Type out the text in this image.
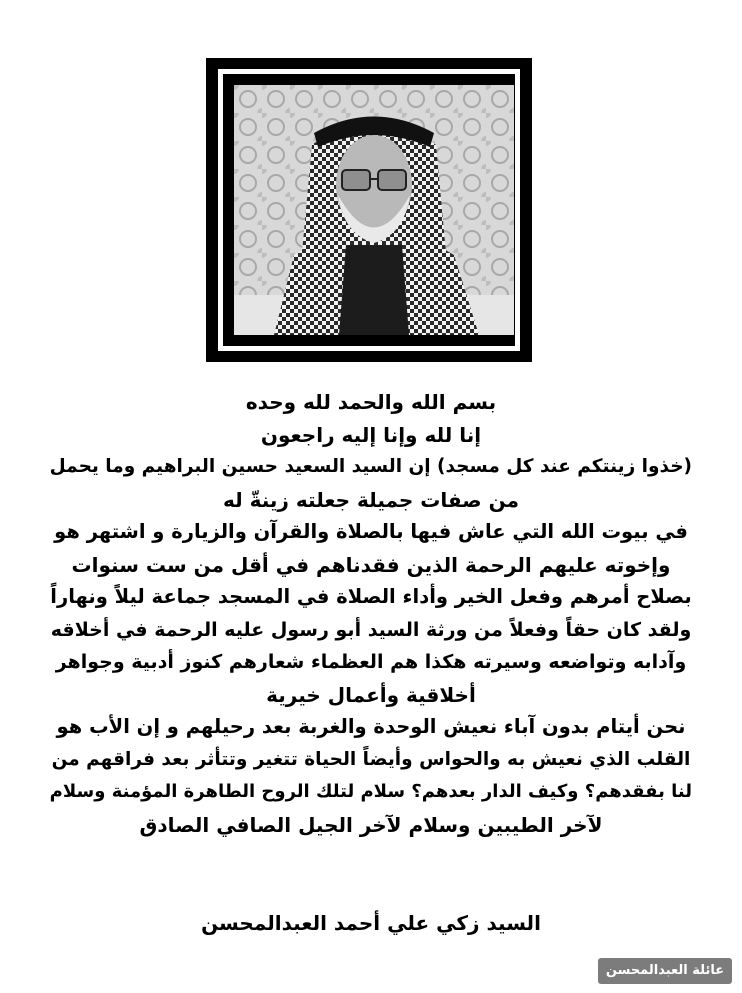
بسم الله والحمد لله وحده
إنا لله وإنا إليه راجعون
(خذوا زينتكم عند كل مسجد) إن السيد السعيد حسين البراهيم وما يحمل
من صفات جميلة جعلته زينةّ له
في بيوت الله التي عاش فيها بالصلاة والقرآن والزيارة و اشتهر هو
وإخوته عليهم الرحمة الذين فقدناهم في أقل من ست سنوات
بصلاح أمرهم وفعل الخير وأداء الصلاة في المسجد جماعة ليلاً ونهاراً
ولقد كان حقاً وفعلاً من ورثة السيد أبو رسول عليه الرحمة في أخلاقه
وآدابه وتواضعه وسيرته هكذا هم العظماء شعارهم كنوز أدبية وجواهر
أخلاقية وأعمال خيرية
نحن أيتام بدون آباء نعيش الوحدة والغربة بعد رحيلهم و إن الأب هو
القلب الذي نعيش به والحواس وأيضاً الحياة تتغير وتتأثر بعد فراقهم من
لنا بفقدهم؟ وكيف الدار بعدهم؟ سلام لتلك الروح الطاهرة المؤمنة وسلام
لآخر الطيبين وسلام لآخر الجيل الصافي الصادق
السيد زكي علي أحمد العبدالمحسن
عائلة العبدالمحسن
